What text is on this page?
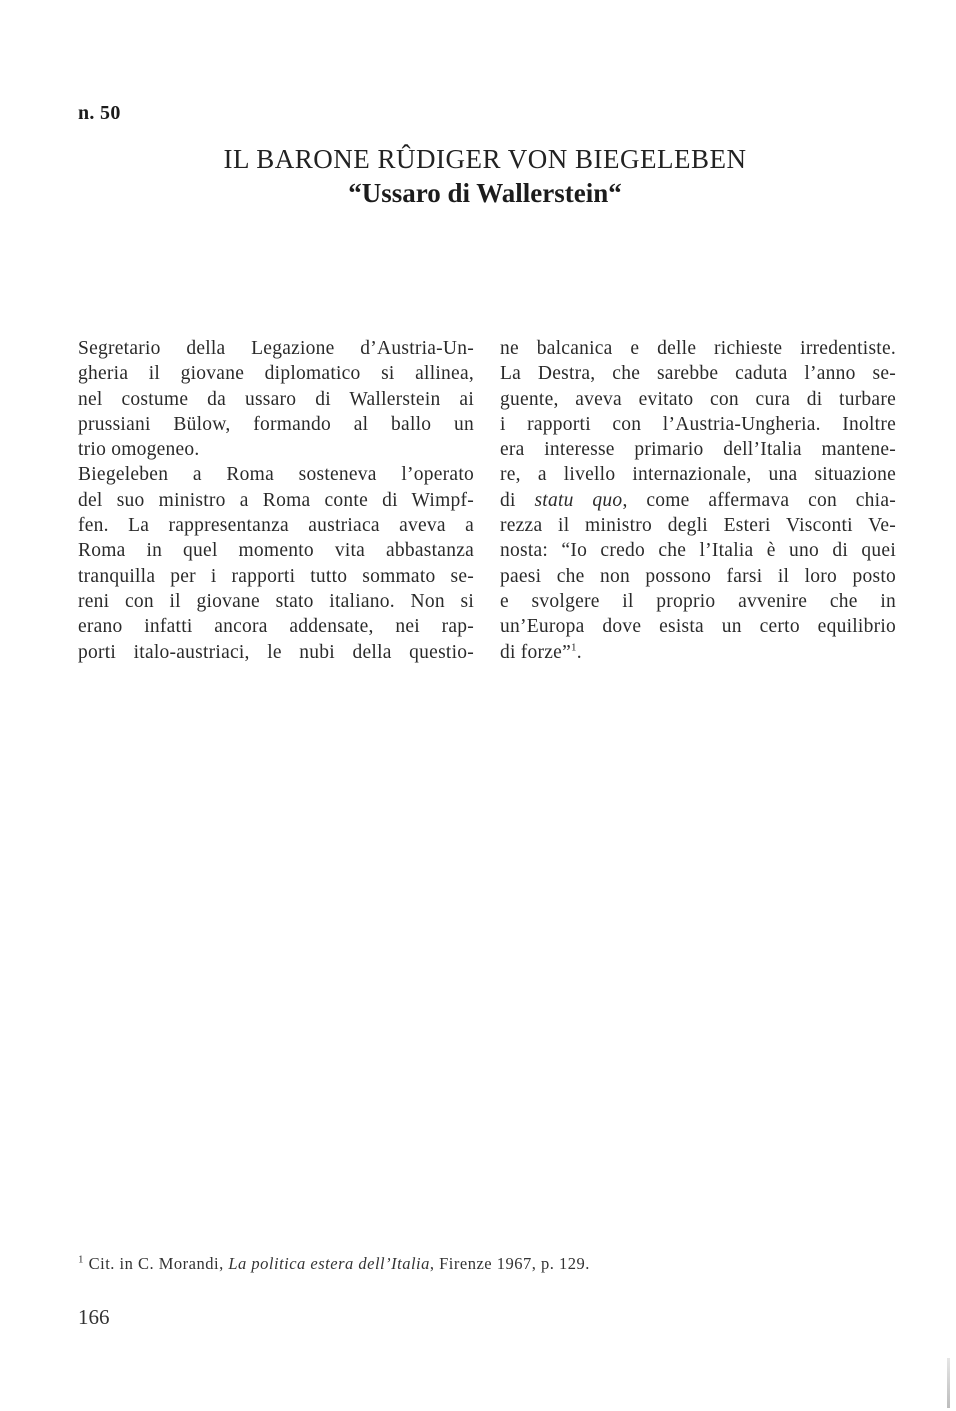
n. 50
IL BARONE RÛDIGER VON BIEGELEBEN
“Ussaro di Wallerstein“
Segretario della Legazione d’Austria-Un-
gheria il giovane diplomatico si allinea,
nel costume da ussaro di Wallerstein ai
prussiani Bülow, formando al ballo un
trio omogeneo.
Biegeleben a Roma sosteneva l’operato
del suo ministro a Roma conte di Wimpf-
fen. La rappresentanza austriaca aveva a
Roma in quel momento vita abbastanza
tranquilla per i rapporti tutto sommato se-
reni con il giovane stato italiano. Non si
erano infatti ancora addensate, nei rap-
porti italo-austriaci, le nubi della questio-
ne balcanica e delle richieste irredentiste.
La Destra, che sarebbe caduta l’anno se-
guente, aveva evitato con cura di turbare
i rapporti con l’Austria-Ungheria. Inoltre
era interesse primario dell’Italia mantene-
re, a livello internazionale, una situazione
di statu quo, come affermava con chia-
rezza il ministro degli Esteri Visconti Ve-
nosta: “Io credo che l’Italia è uno di quei
paesi che non possono farsi il loro posto
e svolgere il proprio avvenire che in
un’Europa dove esista un certo equilibrio
di forze”$^1$.
$^1$ Cit. in C. Morandi, La politica estera dell’Italia, Firenze 1967, p. 129.
166
